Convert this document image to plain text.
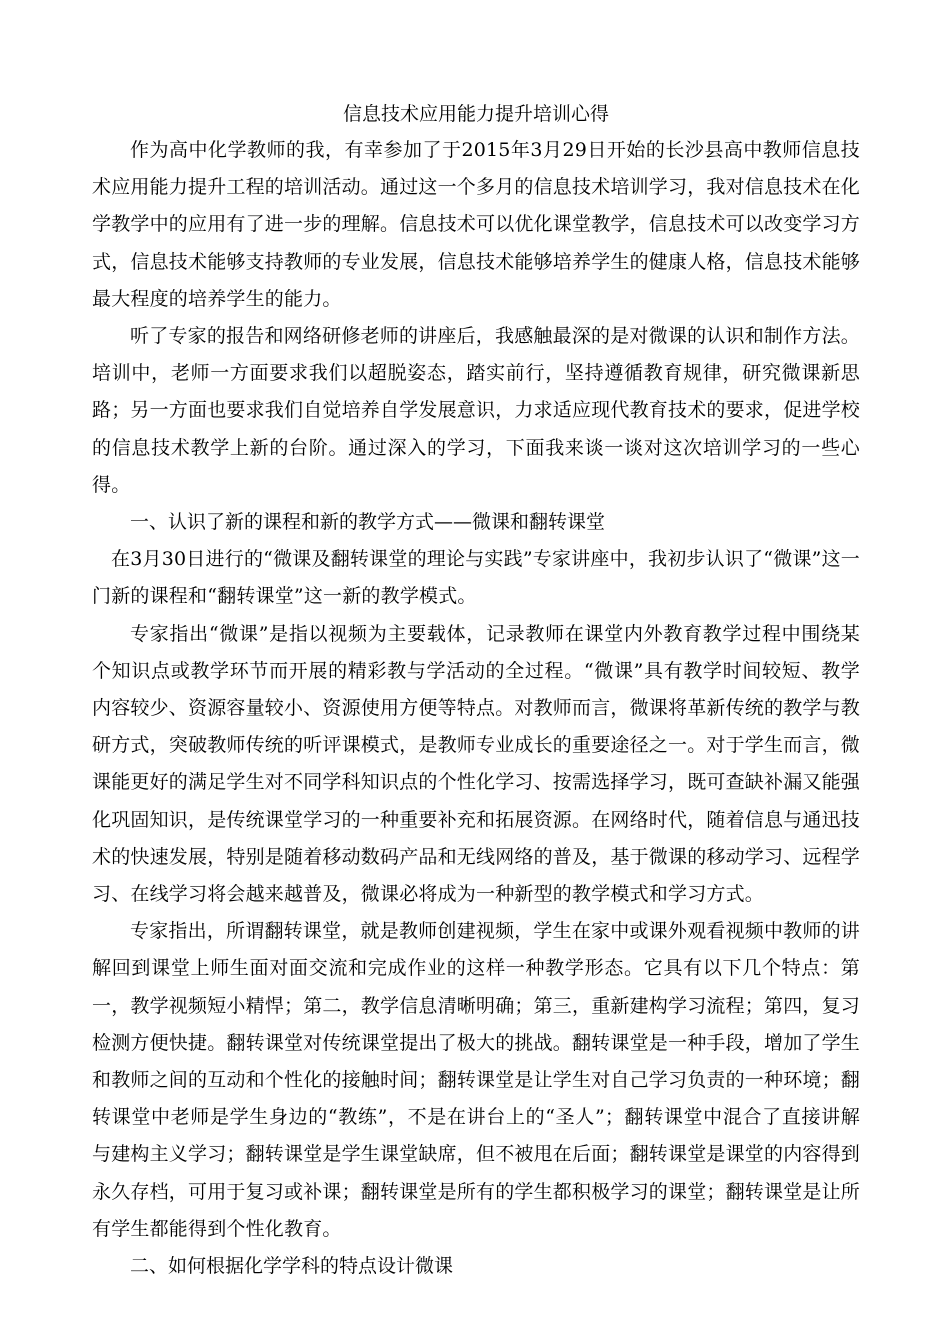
信息技术应用能力提升培训心得

作为高中化学教师的我，有幸参加了于2015年3月29日开始的长沙县高中教师信息技术应用能力提升工程的培训活动。通过这一个多月的信息技术培训学习，我对信息技术在化学教学中的应用有了进一步的理解。信息技术可以优化课堂教学，信息技术可以改变学习方式，信息技术能够支持教师的专业发展，信息技术能够培养学生的健康人格，信息技术能够最大程度的培养学生的能力。

听了专家的报告和网络研修老师的讲座后，我感触最深的是对微课的认识和制作方法。培训中，老师一方面要求我们以超脱姿态，踏实前行，坚持遵循教育规律，研究微课新思路；另一方面也要求我们自觉培养自学发展意识，力求适应现代教育技术的要求，促进学校的信息技术教学上新的台阶。通过深入的学习，下面我来谈一谈对这次培训学习的一些心得。

一、认识了新的课程和新的教学方式——微课和翻转课堂

在3月30日进行的“微课及翻转课堂的理论与实践”专家讲座中，我初步认识了“微课”这一门新的课程和“翻转课堂”这一新的教学模式。

专家指出“微课”是指以视频为主要载体，记录教师在课堂内外教育教学过程中围绕某个知识点或教学环节而开展的精彩教与学活动的全过程。“微课”具有教学时间较短、教学内容较少、资源容量较小、资源使用方便等特点。对教师而言，微课将革新传统的教学与教研方式，突破教师传统的听评课模式，是教师专业成长的重要途径之一。对于学生而言，微课能更好的满足学生对不同学科知识点的个性化学习、按需选择学习，既可查缺补漏又能强化巩固知识，是传统课堂学习的一种重要补充和拓展资源。在网络时代，随着信息与通迅技术的快速发展，特别是随着移动数码产品和无线网络的普及，基于微课的移动学习、远程学习、在线学习将会越来越普及，微课必将成为一种新型的教学模式和学习方式。

专家指出，所谓翻转课堂，就是教师创建视频，学生在家中或课外观看视频中教师的讲解回到课堂上师生面对面交流和完成作业的这样一种教学形态。它具有以下几个特点：第一，教学视频短小精悍；第二，教学信息清晰明确；第三，重新建构学习流程；第四，复习检测方便快捷。翻转课堂对传统课堂提出了极大的挑战。翻转课堂是一种手段，增加了学生和教师之间的互动和个性化的接触时间；翻转课堂是让学生对自己学习负责的一种环境；翻转课堂中老师是学生身边的“教练”，不是在讲台上的“圣人”；翻转课堂中混合了直接讲解与建构主义学习；翻转课堂是学生课堂缺席，但不被甩在后面；翻转课堂是课堂的内容得到永久存档，可用于复习或补课；翻转课堂是所有的学生都积极学习的课堂；翻转课堂是让所有学生都能得到个性化教育。

二、如何根据化学学科的特点设计微课
